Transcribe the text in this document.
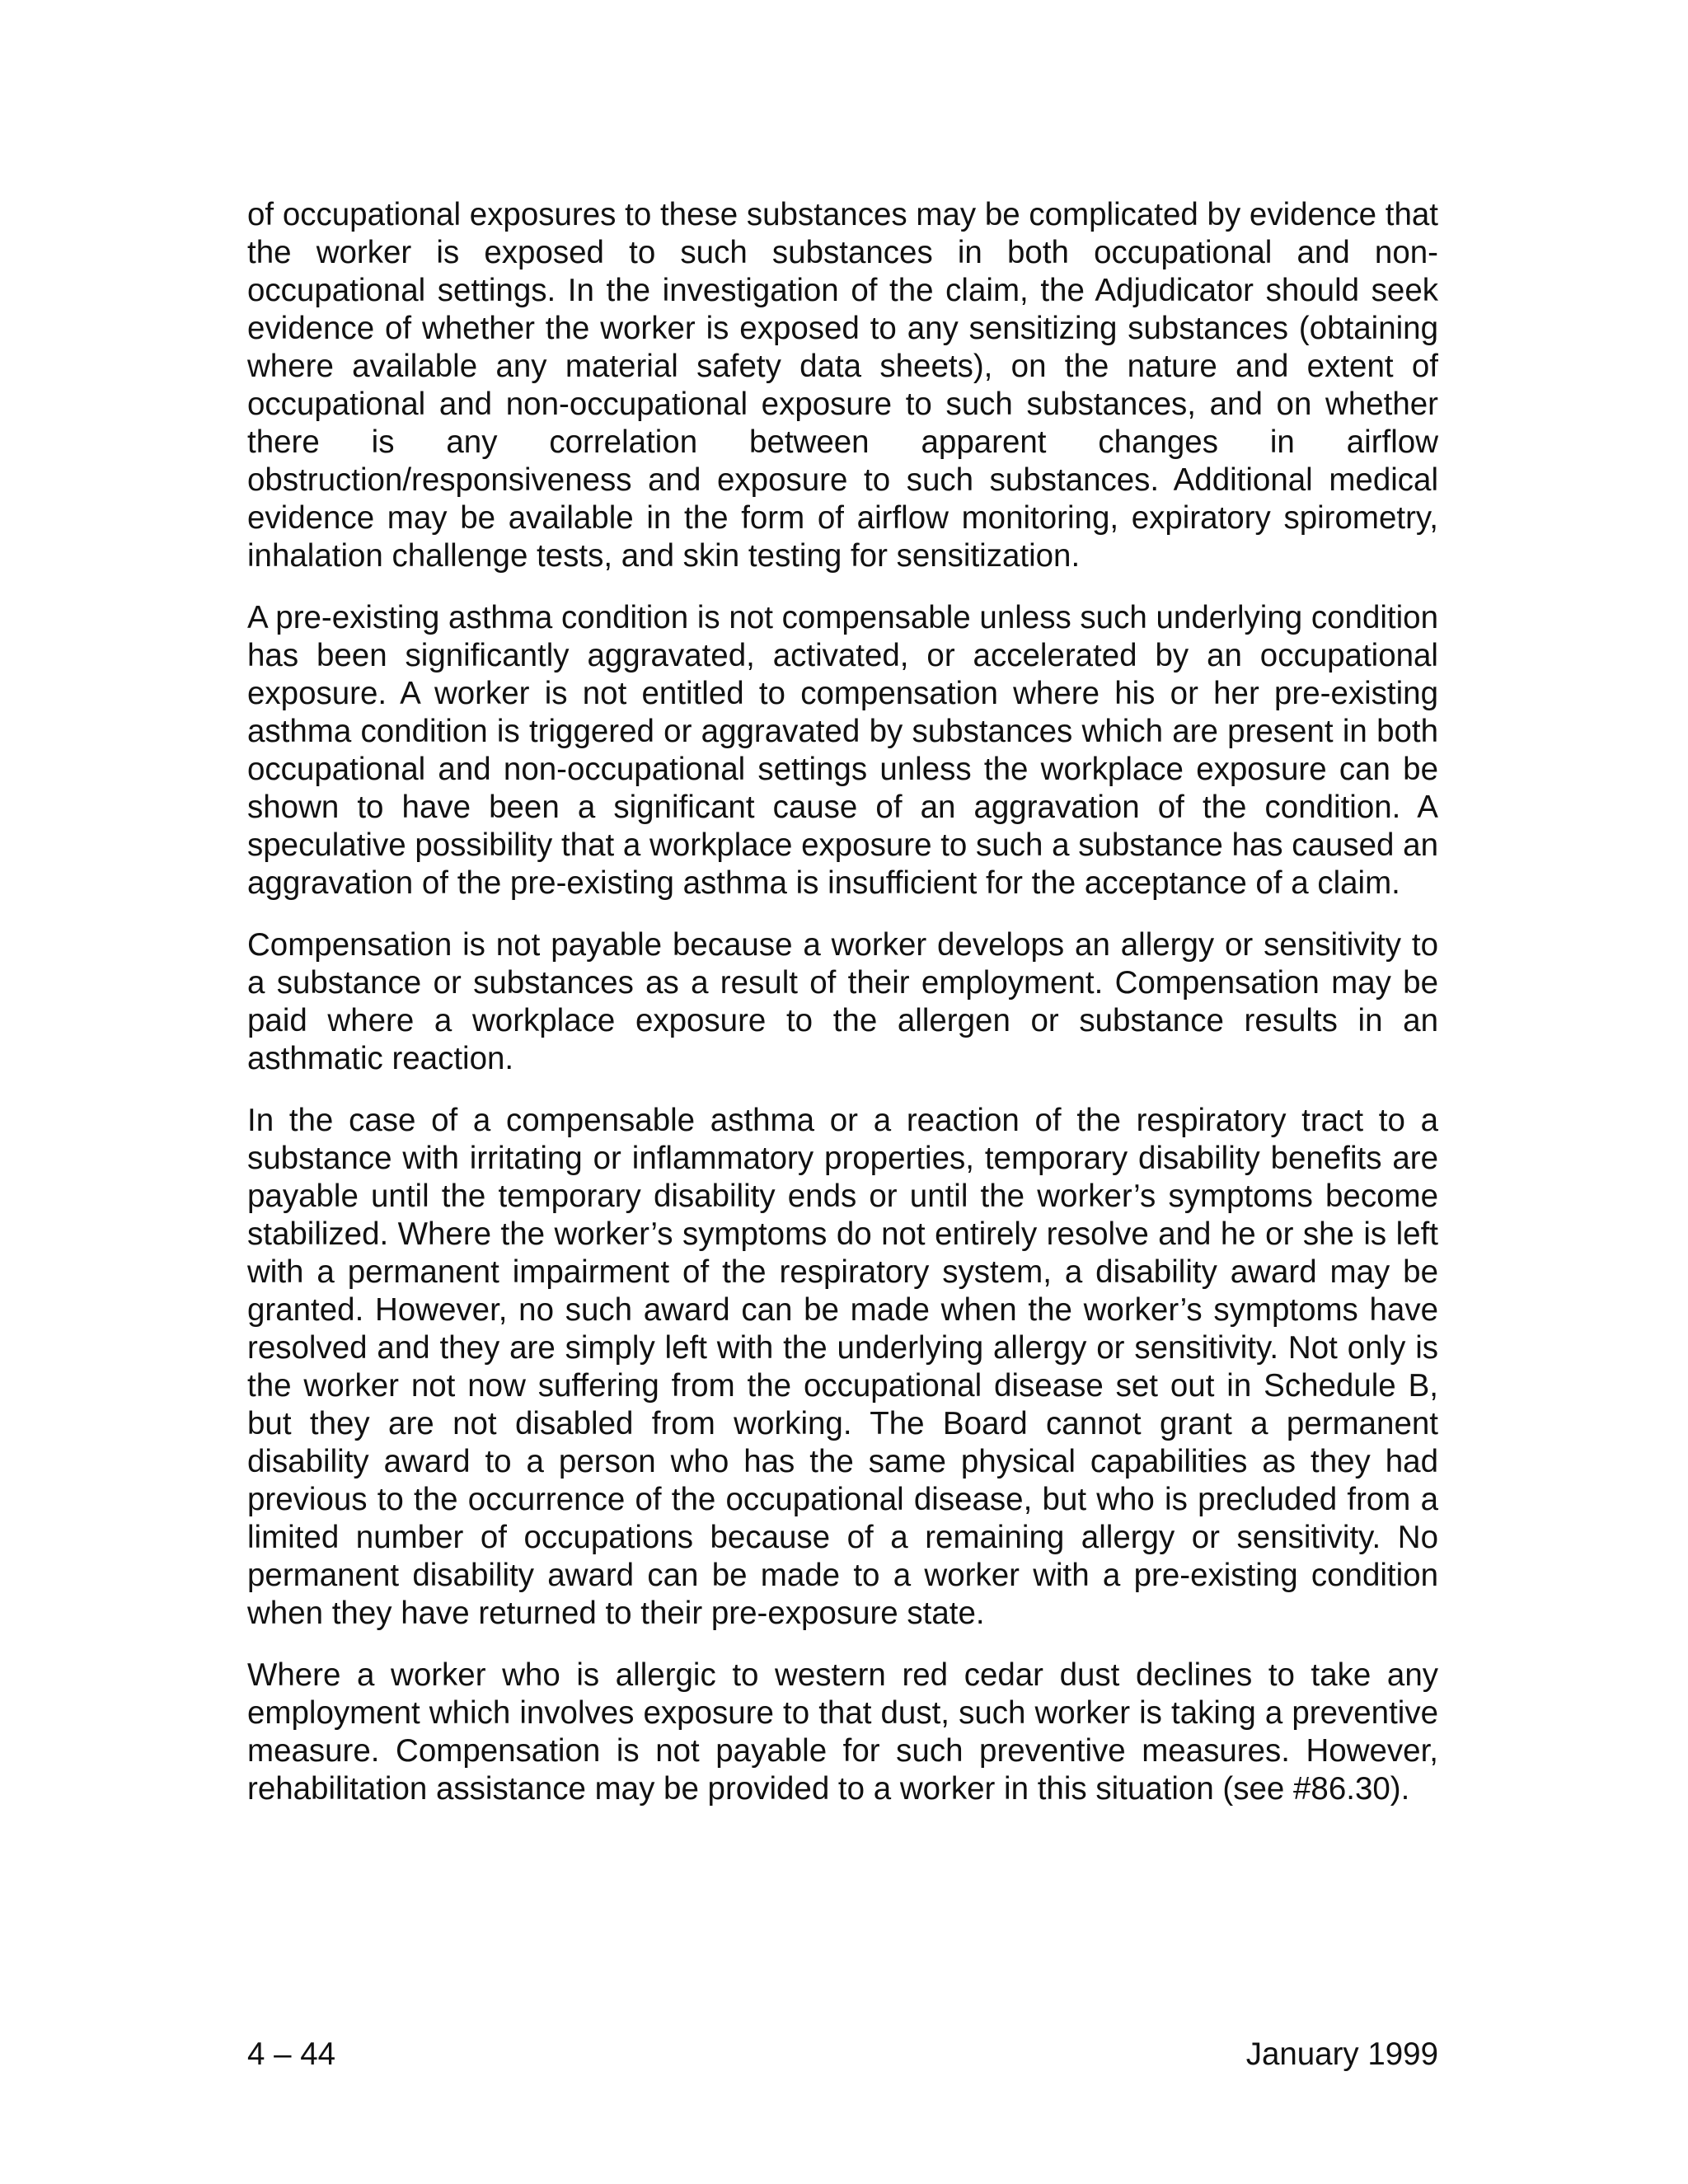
of occupational exposures to these substances may be complicated by evidence that the worker is exposed to such substances in both occupational and non-occupational settings. In the investigation of the claim, the Adjudicator should seek evidence of whether the worker is exposed to any sensitizing substances (obtaining where available any material safety data sheets), on the nature and extent of occupational and non-occupational exposure to such substances, and on whether there is any correlation between apparent changes in airflow obstruction/responsiveness and exposure to such substances. Additional medical evidence may be available in the form of airflow monitoring, expiratory spirometry, inhalation challenge tests, and skin testing for sensitization.

A pre-existing asthma condition is not compensable unless such underlying condition has been significantly aggravated, activated, or accelerated by an occupational exposure. A worker is not entitled to compensation where his or her pre-existing asthma condition is triggered or aggravated by substances which are present in both occupational and non-occupational settings unless the workplace exposure can be shown to have been a significant cause of an aggravation of the condition. A speculative possibility that a workplace exposure to such a substance has caused an aggravation of the pre-existing asthma is insufficient for the acceptance of a claim.

Compensation is not payable because a worker develops an allergy or sensitivity to a substance or substances as a result of their employment. Compensation may be paid where a workplace exposure to the allergen or substance results in an asthmatic reaction.

In the case of a compensable asthma or a reaction of the respiratory tract to a substance with irritating or inflammatory properties, temporary disability benefits are payable until the temporary disability ends or until the worker’s symptoms become stabilized. Where the worker’s symptoms do not entirely resolve and he or she is left with a permanent impairment of the respiratory system, a disability award may be granted. However, no such award can be made when the worker’s symptoms have resolved and they are simply left with the underlying allergy or sensitivity. Not only is the worker not now suffering from the occupational disease set out in Schedule B, but they are not disabled from working. The Board cannot grant a permanent disability award to a person who has the same physical capabilities as they had previous to the occurrence of the occupational disease, but who is precluded from a limited number of occupations because of a remaining allergy or sensitivity. No permanent disability award can be made to a worker with a pre-existing condition when they have returned to their pre-exposure state.

Where a worker who is allergic to western red cedar dust declines to take any employment which involves exposure to that dust, such worker is taking a preventive measure. Compensation is not payable for such preventive measures. However, rehabilitation assistance may be provided to a worker in this situation (see #86.30).

4 – 44	January 1999
